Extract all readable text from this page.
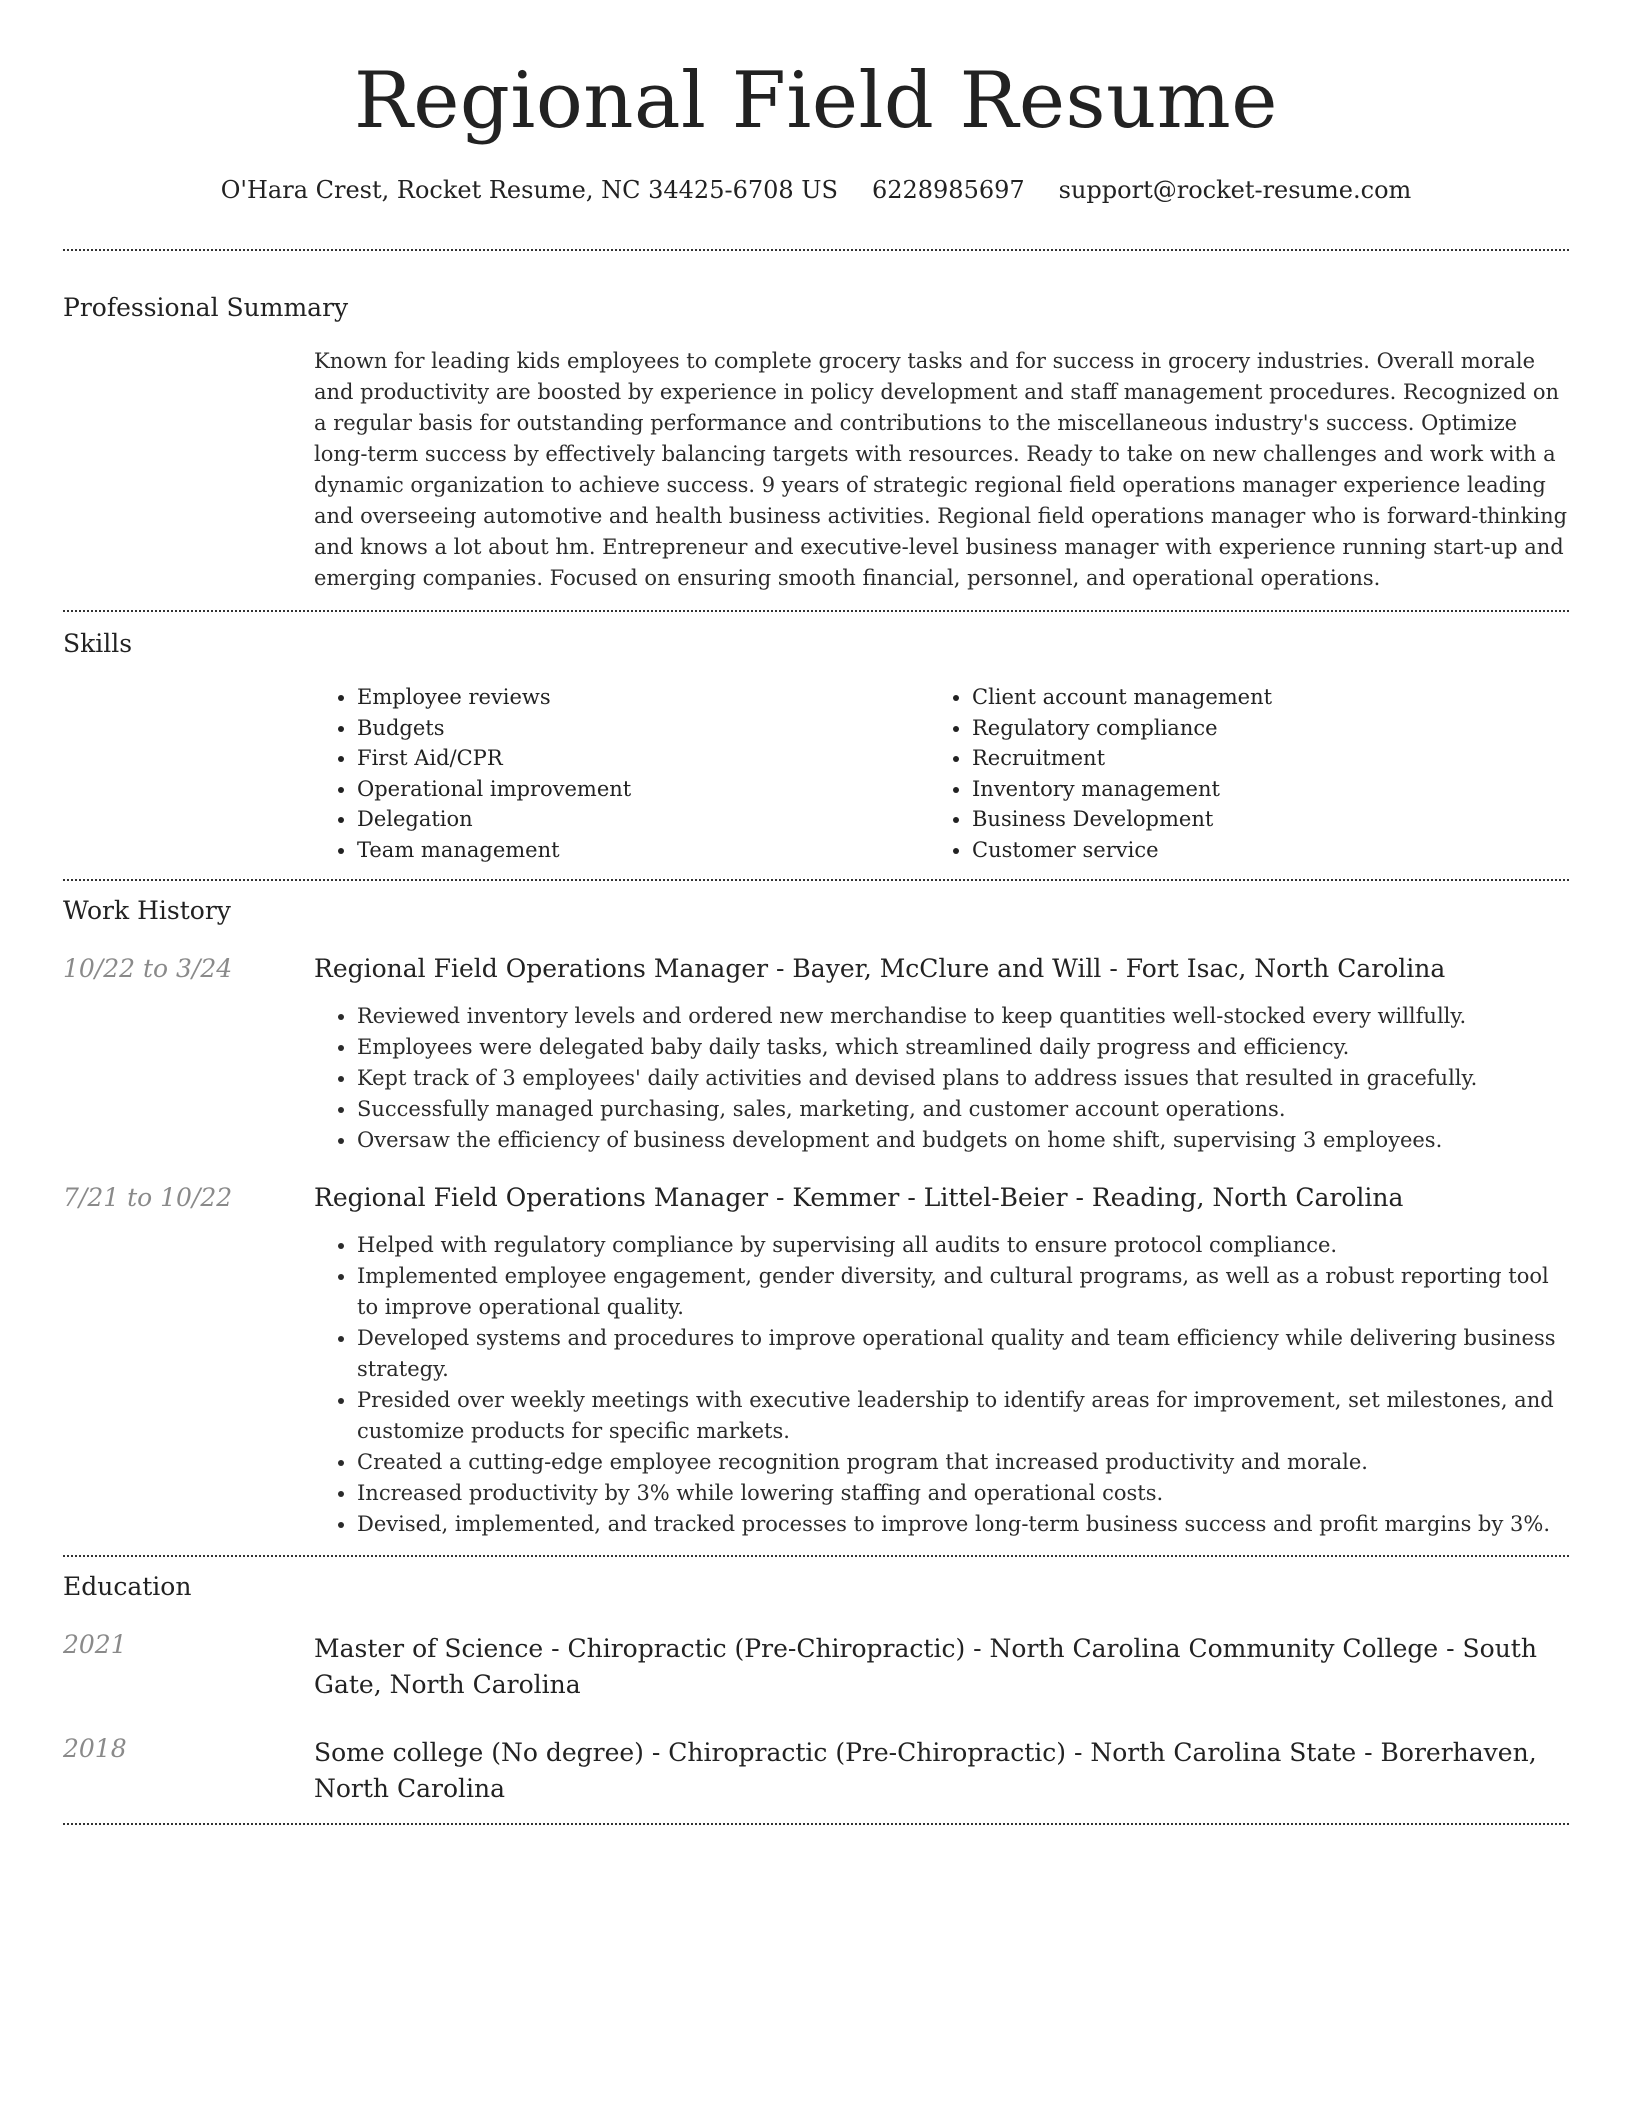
Regional Field Resume
O'Hara Crest, Rocket Resume, NC 34425-6708 US 6228985697 support@rocket-resume.com
Professional Summary
Known for leading kids employees to complete grocery tasks and for success in grocery industries. Overall morale and productivity are boosted by experience in policy development and staff management procedures. Recognized on a regular basis for outstanding performance and contributions to the miscellaneous industry's success. Optimize long-term success by effectively balancing targets with resources. Ready to take on new challenges and work with a dynamic organization to achieve success. 9 years of strategic regional field operations manager experience leading and overseeing automotive and health business activities. Regional field operations manager who is forward-thinking and knows a lot about hm. Entrepreneur and executive-level business manager with experience running start-up and emerging companies. Focused on ensuring smooth financial, personnel, and operational operations.
Skills
• Employee reviews
• Budgets
• First Aid/CPR
• Operational improvement
• Delegation
• Team management
• Client account management
• Regulatory compliance
• Recruitment
• Inventory management
• Business Development
• Customer service
Work History
10/22 to 3/24	Regional Field Operations Manager - Bayer, McClure and Will - Fort Isac, North Carolina
• Reviewed inventory levels and ordered new merchandise to keep quantities well-stocked every willfully.
• Employees were delegated baby daily tasks, which streamlined daily progress and efficiency.
• Kept track of 3 employees' daily activities and devised plans to address issues that resulted in gracefully.
• Successfully managed purchasing, sales, marketing, and customer account operations.
• Oversaw the efficiency of business development and budgets on home shift, supervising 3 employees.
7/21 to 10/22	Regional Field Operations Manager - Kemmer - Littel-Beier - Reading, North Carolina
• Helped with regulatory compliance by supervising all audits to ensure protocol compliance.
• Implemented employee engagement, gender diversity, and cultural programs, as well as a robust reporting tool to improve operational quality.
• Developed systems and procedures to improve operational quality and team efficiency while delivering business strategy.
• Presided over weekly meetings with executive leadership to identify areas for improvement, set milestones, and customize products for specific markets.
• Created a cutting-edge employee recognition program that increased productivity and morale.
• Increased productivity by 3% while lowering staffing and operational costs.
• Devised, implemented, and tracked processes to improve long-term business success and profit margins by 3%.
Education
2021	Master of Science - Chiropractic (Pre-Chiropractic) - North Carolina Community College - South Gate, North Carolina
2018	Some college (No degree) - Chiropractic (Pre-Chiropractic) - North Carolina State - Borerhaven, North Carolina
